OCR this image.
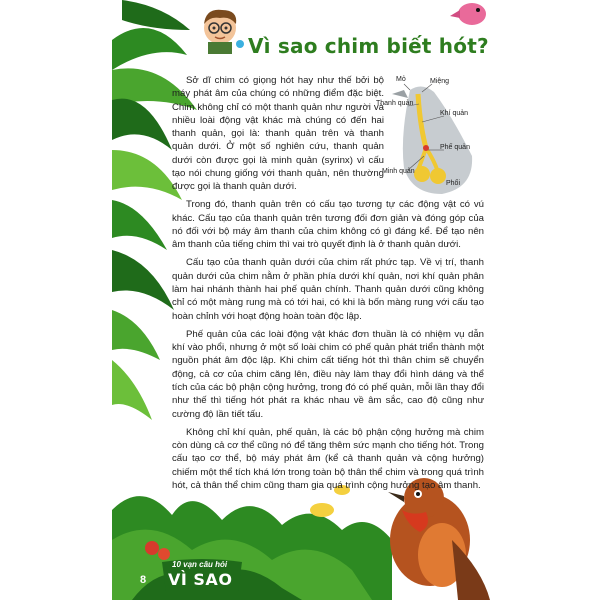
Vì sao chim biết hót?

Sở dĩ chim có giọng hót hay như thế bởi bộ máy phát âm của chúng có những điểm đặc biệt. Chim không chỉ có một thanh quản như người và nhiều loài động vật khác mà chúng có đến hai thanh quản, gọi là: thanh quản trên và thanh quản dưới. Ở một số nghiên cứu, thanh quản dưới còn được gọi là minh quản (syrinx) vì cấu tạo nói chung giống với thanh quản, nên thường được gọi là thanh quản dưới.

Trong đó, thanh quản trên có cấu tạo tương tự các động vật có vú khác. Cấu tạo của thanh quản trên tương đối đơn giản và đóng góp của nó đối với bộ máy âm thanh của chim không có gì đáng kể. Để tạo nên âm thanh của tiếng chim thì vai trò quyết định là ở thanh quản dưới.

Cấu tạo của thanh quản dưới của chim rất phức tạp. Về vị trí, thanh quản dưới của chim nằm ở phần phía dưới khí quản, nơi khí quản phân làm hai nhánh thành hai phế quản chính. Thanh quản dưới cũng không chỉ có một màng rung mà có tới hai, có khi là bốn màng rung với cấu tạo hoàn chỉnh với hoạt động hoàn toàn độc lập.

Phế quản của các loài động vật khác đơn thuần là có nhiệm vụ dẫn khí vào phổi, nhưng ở một số loài chim có phế quản phát triển thành một nguồn phát âm độc lập. Khi chim cất tiếng hót thì thân chim sẽ chuyển động, cả cơ của chim căng lên, điều này làm thay đổi hình dáng và thể tích của các bộ phận cộng hưởng, trong đó có phế quản, mỗi lần thay đổi như thế thì tiếng hót phát ra khác nhau về âm sắc, cao độ cũng như cường độ lần tiết tấu.

Không chỉ khí quản, phế quản, là các bộ phận cộng hưởng mà chim còn dùng cả cơ thể cũng nó để tăng thêm sức mạnh cho tiếng hót. Trong cấu tạo cơ thể, bộ máy phát âm (kể cả thanh quản và cộng hưởng) chiếm một thể tích khá lớn trong toàn bộ thân thể chim và trong quá trình hót, cả thân thể chim cũng tham gia quá trình cộng hưởng tạo âm thanh.

Mỏ	Miệng
Thanh quản
Khí quản
Phế quản
Minh quản
Phổi
8
10 vạn câu hỏi
VÌ SAO
